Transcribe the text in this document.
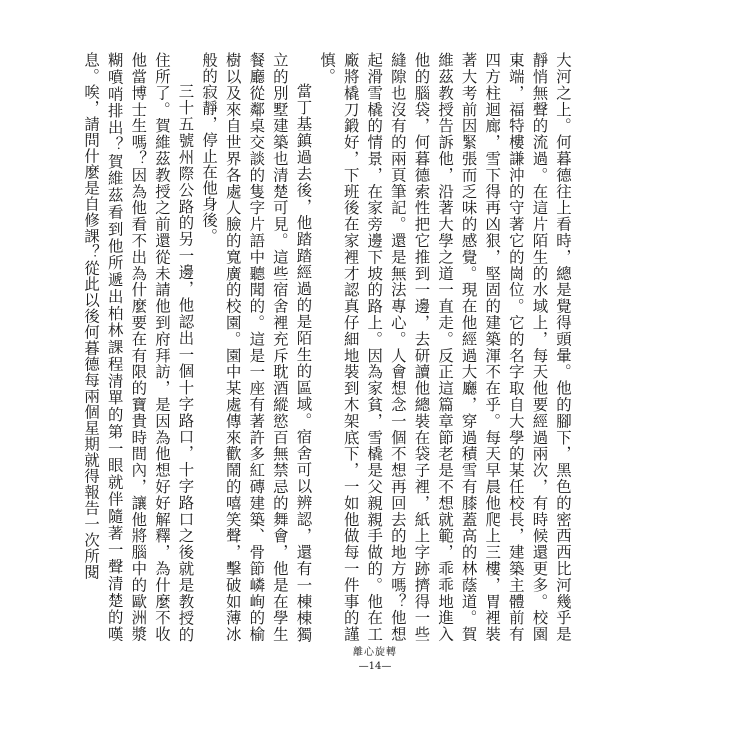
大河之上。何暮德往上看時，總是覺得頭暈。他的腳下，黑色的密西西比河幾乎是靜悄無聲的流過。在這片陌生的水域上，每天他要經過兩次，有時候還更多。校園東端，福特樓謙沖的守著它的崗位。它的名字取自大學的某任校長，建築主體前有四方柱迴廊，雪下得再凶狠，堅固的建築渾不在乎。每天早晨他爬上三樓，胃裡裝著大考前因緊張而乏味的感覺。現在他經過大廳，穿過積雪有膝蓋高的林蔭道。賀維茲教授告訴他，沿著大學之道一直走。反正這篇章節老是不想就範，乖乖地進入他的腦袋，何暮德索性把它推到一邊，去研讀他總裝在袋子裡，紙上字跡擠得一些縫隙也沒有的兩頁筆記。還是無法專心。人會想念一個不想再回去的地方嗎？他想起滑雪橇的情景，在家旁邊下坡的路上。因為家貧，雪橇是父親親手做的。他在工廠將橇刀鍛好，下班後在家裡才認真仔細地裝到木架底下，一如他做每一件事的謹慎。

當丁基鎮過去後，他踏踏經過的是陌生的區域。宿舍可以辨認，還有一棟棟獨立的別墅建築也清楚可見。這些宿舍裡充斥耽酒縱慾百無禁忌的舞會，他是在學生餐廳從鄰桌交談的隻字片語中聽聞的。這是一座有著許多紅磚建築、骨節嶙峋的榆樹以及來自世界各處人臉的寬廣的校園。園中某處傳來歡鬧的嘻笑聲，擊破如薄冰般的寂靜，停止在他身後。

三十五號州際公路的另一邊，他認出一個十字路口，十字路口之後就是教授的住所了。賀維茲教授之前還從未請他到府拜訪，是因為他想好好解釋，為什麼不收他當博士生嗎？因為他看不出為什麼要在有限的寶貴時間內，讓他將腦中的歐洲漿糊噴哨排出？賀維茲看到他所遞出柏林課程清單的第一眼就伴隨著一聲清楚的嘆息。唉，請問什麼是自修課？從此以後何暮德每兩個星期就得報告一次所閱

離心旋轉
—14—
